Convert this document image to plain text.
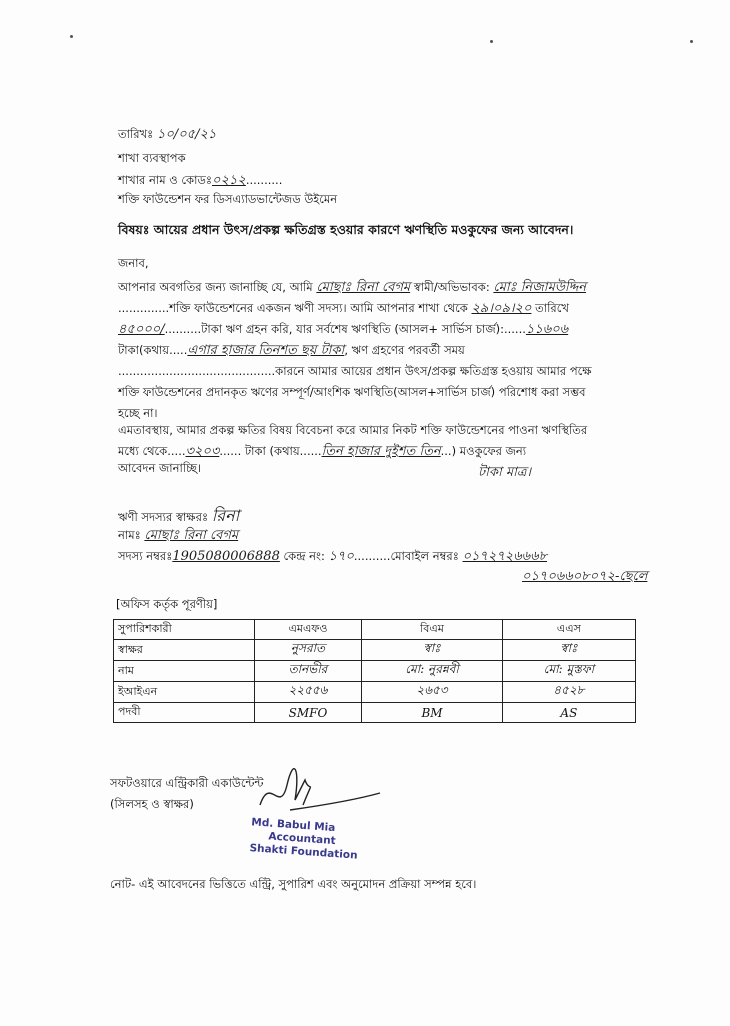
তারিখঃ ১০/০৫/২১
শাখা ব্যবস্থাপক
শাখার নাম ও কোডঃ০২১২..........
শক্তি ফাউন্ডেশন ফর ডিসএ্যাডভান্টেজড উইমেন
বিষয়ঃ আয়ের প্রধান উৎস/প্রকল্প ক্ষতিগ্রস্ত হওয়ার কারণে ঋণস্থিতি মওকুফের জন্য আবেদন।
জনাব,
আপনার অবগতির জন্য জানাচ্ছি যে, আমি মোছাঃ রিনা বেগম স্বামী/অভিভাবক: মোঃ নিজামউদ্দিন
..............শক্তি ফাউন্ডেশনের একজন ঋণী সদস্য। আমি আপনার শাখা থেকে ২৯।০৯।২০ তারিখে
৪৫০০০/..........টাকা ঋণ গ্রহন করি, যার সর্বশেষ ঋণস্থিতি (আসল+ সার্ভিস চার্জ):......১১৬০৬
টাকা(কথায়.....এগার হাজার তিনশত ছয় টাকা, ঋণ গ্রহণের পরবর্তী সময়
...........................................কারনে আমার আয়ের প্রধান উৎস/প্রকল্প ক্ষতিগ্রস্ত হওয়ায় আমার পক্ষে
শক্তি ফাউন্ডেশনের প্রদানকৃত ঋণের সম্পূর্ণ/আংশিক ঋণস্থিতি(আসল+সার্ভিস চার্জ) পরিশোধ করা সম্ভব
হচ্ছে না।
এমতাবস্থায়, আমার প্রকল্প ক্ষতির বিষয় বিবেচনা করে আমার নিকট শক্তি ফাউন্ডেশনের পাওনা ঋণস্থিতির
মধ্যে থেকে.....৩২০৩...... টাকা (কথায়......তিন হাজার দুইশত তিন...) মওকুফের জন্য
আবেদন জানাচ্ছি।	টাকা মাত্র।
ঋণী সদস্যর স্বাক্ষরঃ রিনা
নামঃ মোছাঃ রিনা বেগম
সদস্য নম্বরঃ1905080006888 কেন্দ্র নং: ১৭০..........মোবাইল নম্বরঃ ০১৭২৭২৬৬৬৮
০১৭০৬৬০৮০৭২-ছেলে
[অফিস কর্তৃক পূরণীয়]
সুপারিশকারী	এমএফও	বিএম	এএস
স্বাক্ষর	নুসরাত	স্বাঃ	স্বাঃ
নাম	তানভীর	মো: নুরন্নবী	মো: মুস্তফা
ইআইএন	২২৫৫৬	২৬৫৩	৪৫২৮
পদবী	SMFO	BM	AS
সফটওয়ারে এন্ট্রিকারী একাউন্টেন্ট
(সিলসহ ও স্বাক্ষর)
Md. Babul Mia
Accountant
Shakti Foundation
নোট- এই আবেদনের ভিত্তিতে এন্ট্রি, সুপারিশ এবং অনুমোদন প্রক্রিয়া সম্পন্ন হবে।
